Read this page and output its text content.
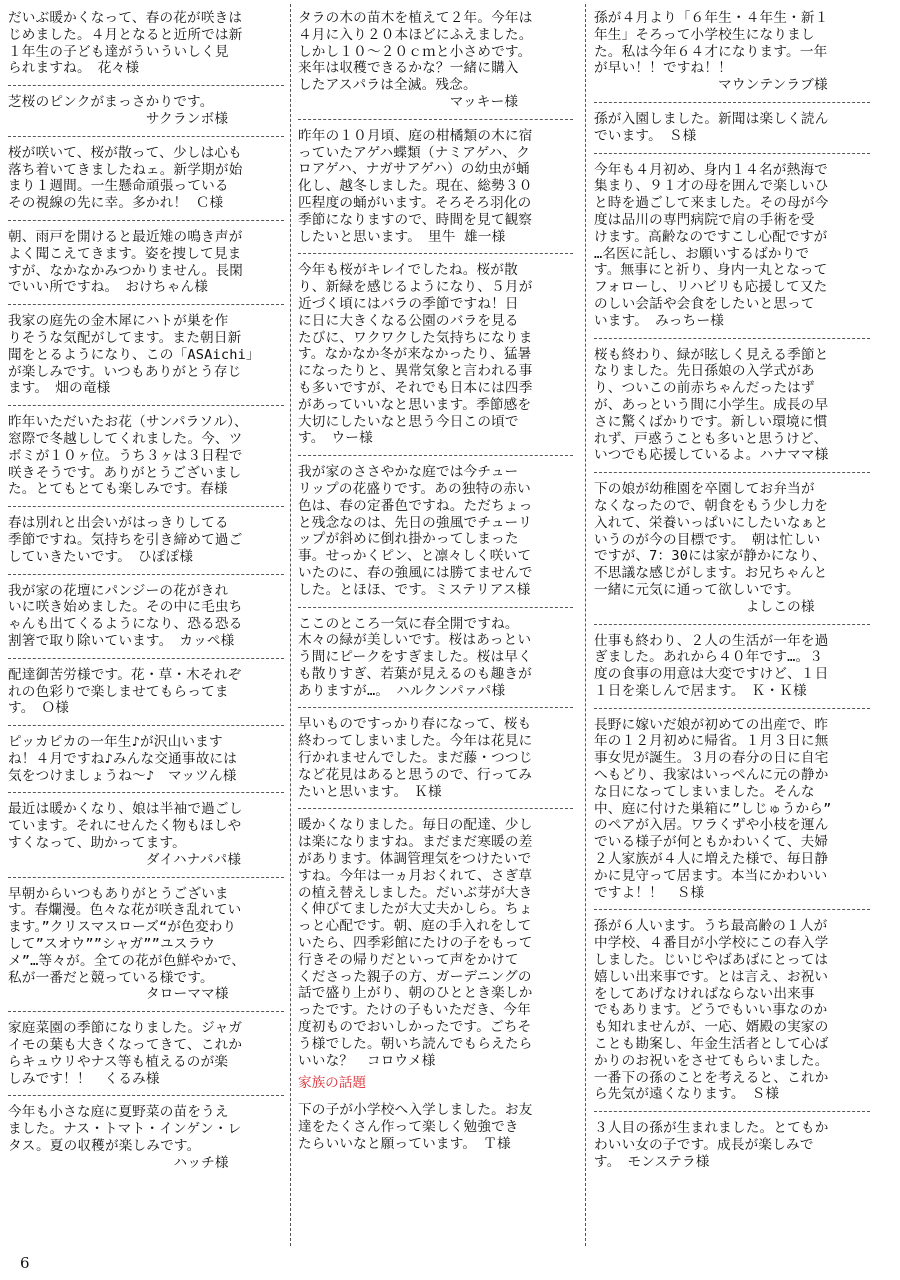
だいぶ暖かくなって、春の花が咲きは
じめました。４月となると近所では新
１年生の子ども達がういういしく見
られますね。　花々様
芝桜のピンクがまっさかりです。
　　　　　　　　　　サクランボ様
桜が咲いて、桜が散って、少しは心も
落ち着いてきましたねェ。新学期が始
まり１週間。一生懸命頑張っている
その視線の先に幸。多かれ！ Ｃ様
朝、雨戸を開けると最近雉の鳴き声が
よく聞こえてきます。姿を捜して見ま
すが、なかなかみつかりません。長閑
でいい所ですね。　おけちゃん様
我家の庭先の金木犀にハトが巣を作
りそうな気配がしてます。また朝日新
聞をとるようになり、この「ASAichi」
が楽しみです。いつもありがとう存じ
ます。　畑の竜様
昨年いただいたお花（サンパラソル）、
窓際で冬越ししてくれました。今、ツ
ボミが１０ヶ位。うち３ヶは３日程で
咲きそうです。ありがとうございまし
た。とてもとても楽しみです。春様
春は別れと出会いがはっきりしてる
季節ですね。気持ちを引き締めて過ご
していきたいです。　ひぽぽ様
我が家の花壇にパンジーの花がきれ
いに咲き始めました。その中に毛虫ち
ゃんも出てくるようになり、恐る恐る
割箸で取り除いています。　カッペ様
配達御苦労様です。花・草・木それぞ
れの色彩りで楽しませてもらってま
す。　Ｏ様
ピッカピカの一年生♪が沢山います
ね！４月ですね♪みんな交通事故には
気をつけましょうね～♪　マッツん様
最近は暖かくなり、娘は半袖で過ごし
ています。それにせんたく物もほしや
すくなって、助かってます。
　　　　　　　　　　ダイハナパパ様
早朝からいつもありがとうございま
す。春爛漫。色々な花が咲き乱れてい
ます。”クリスマスローズ“が色変わり
して”スオウ””シャガ””ユスラウ
メ”…等々が。全ての花が色鮮やかで、
私が一番だと競っている様です。
　　　　　　　　　　タローママ様
家庭菜園の季節になりました。ジャガ
イモの葉も大きくなってきて、これか
らキュウリやナス等も植えるのが楽
しみです！！　くるみ様
今年も小さな庭に夏野菜の苗をうえ
ました。ナス・トマト・インゲン・レ
タス。夏の収穫が楽しみです。
　　　　　　　　　　　　ハッチ様
タラの木の苗木を植えて２年。今年は
４月に入り２０本ほどにふえました。
しかし１０～２０ｃｍと小さめです。
来年は収穫できるかな？一緒に購入
したアスパラは全滅。残念。
　　　　　　　　　　　マッキー様
昨年の１０月頃、庭の柑橘類の木に宿
っていたアゲハ蝶類（ナミアゲハ、ク
ロアゲハ、ナガサアゲハ）の幼虫が蛹
化し、越冬しました。現在、総勢３０
匹程度の蛹がいます。そろそろ羽化の
季節になりますので、時間を見て観察
したいと思います。　里牛 雄一様
今年も桜がキレイでしたね。桜が散
り、新緑を感じるようになり、５月が
近づく頃にはバラの季節ですね！日
に日に大きくなる公園のバラを見る
たびに、ワクワクした気持ちになりま
す。なかなか冬が来なかったり、猛暑
になったりと、異常気象と言われる事
も多いですが、それでも日本には四季
があっていいなと思います。季節感を
大切にしたいなと思う今日この頃で
す。　ウー様
我が家のささやかな庭では今チュー
リップの花盛りです。あの独特の赤い
色は、春の定番色ですね。ただちょっ
と残念なのは、先日の強風でチューリ
ップが斜めに倒れ掛かってしまった
事。せっかくピン、と凛々しく咲いて
いたのに、春の強風には勝てませんで
した。とほほ、です。ミステリアス様
ここのところ一気に春全開ですね。
木々の緑が美しいです。桜はあっとい
う間にピークをすぎました。桜は早く
も散りすぎ、若葉が見えるのも趣きが
ありますが…。　ハルクンパァパ様
早いものですっかり春になって、桜も
終わってしまいました。今年は花見に
行かれませんでした。まだ藤・つつじ
など花見はあると思うので、行ってみ
たいと思います。　Ｋ様
暖かくなりました。毎日の配達、少し
は楽になりますね。まだまだ寒暖の差
があります。体調管理気をつけたいで
すね。今年は一ヵ月おくれて、さぎ草
の植え替えしました。だいぶ芽が大き
く伸びてましたが大丈夫かしら。ちょ
っと心配です。朝、庭の手入れをして
いたら、四季彩館にたけの子をもって
行きその帰りだといって声をかけて
くださった親子の方、ガーデニングの
話で盛り上がり、朝のひととき楽しか
ったです。たけの子もいただき、今年
度初ものでおいしかったです。ごちそ
う様でした。朝いち読んでもらえたら
いいな？　コロウメ様
家族の話題
下の子が小学校へ入学しました。お友
達をたくさん作って楽しく勉強でき
たらいいなと願っています。　Ｔ様
孫が４月より「６年生・４年生・新１
年生」そろって小学校生になりまし
た。私は今年６４才になります。一年
が早い！！ですね！！
　　　　　　　　　マウンテンラブ様
孫が入園しました。新聞は楽しく読ん
でいます。　Ｓ様
今年も４月初め、身内１４名が熱海で
集まり、９１才の母を囲んで楽しいひ
と時を過ごして来ました。その母が今
度は品川の専門病院で肩の手術を受
けます。高齢なのですこし心配ですが
…名医に託し、お願いするばかりで
す。無事にと祈り、身内一丸となって
フォローし、リハビリも応援して又た
のしい会話や会食をしたいと思って
います。　みっちー様
桜も終わり、緑が眩しく見える季節と
なりました。先日孫娘の入学式があ
り、ついこの前赤ちゃんだったはず
が、あっという間に小学生。成長の早
さに驚くばかりです。新しい環境に慣
れず、戸惑うことも多いと思うけど、
いつでも応援しているよ。ハナママ様
下の娘が幼稚園を卒園してお弁当が
なくなったので、朝食をもう少し力を
入れて、栄養いっぱいにしたいなぁと
いうのが今の目標です。　朝は忙しい
ですが、7：30には家が静かになり、
不思議な感じがします。お兄ちゃんと
一緒に元気に通って欲しいです。
　　　　　　　　　　　よしこの様
仕事も終わり、２人の生活が一年を過
ぎました。あれから４０年です…。３
度の食事の用意は大変ですけど、１日
１日を楽しんで居ます。　Ｋ・Ｋ様
長野に嫁いだ娘が初めての出産で、昨
年の１２月初めに帰省。１月３日に無
事女児が誕生。３月の春分の日に自宅
へもどり、我家はいっぺんに元の静か
な日になってしまいました。そんな
中、庭に付けた巣箱に”しじゅうから”
のペアが入居。ワラくずや小枝を運ん
でいる様子が何ともかわいくて、夫婦
２人家族が４人に増えた様で、毎日静
かに見守って居ます。本当にかわいい
ですよ！！　Ｓ様
孫が６人います。うち最高齢の１人が
中学校、４番目が小学校にこの春入学
しました。じいじやばあばにとっては
嬉しい出来事です。とは言え、お祝い
をしてあげなければならない出来事
でもあります。どうでもいい事なのか
も知れませんが、一応、婿殿の実家の
ことも勘案し、年金生活者として心ば
かりのお祝いをさせてもらいました。
一番下の孫のことを考えると、これか
ら先気が遠くなります。　Ｓ様
３人目の孫が生まれました。とてもか
わいい女の子です。成長が楽しみで
す。　モンステラ様
6
